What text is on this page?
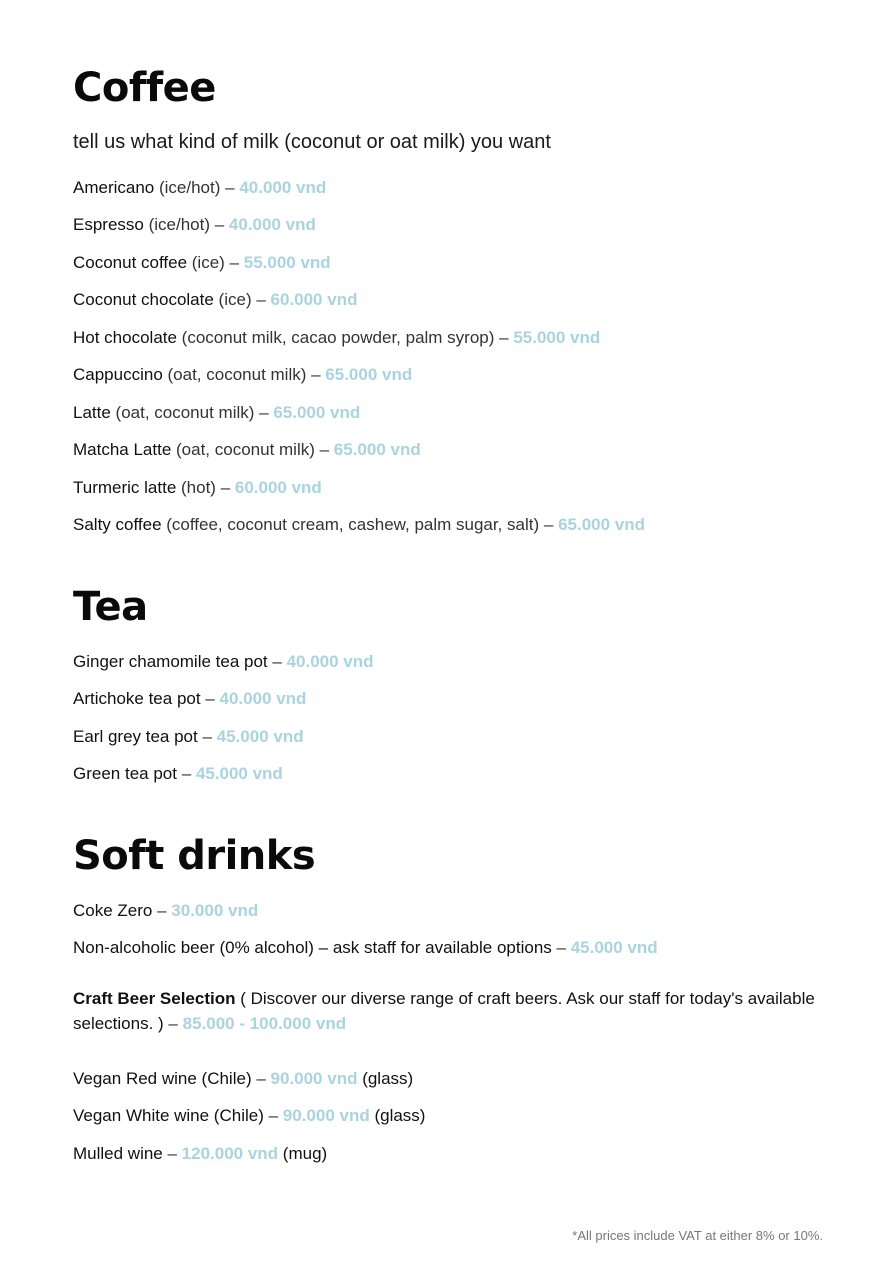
Coffee
tell us what kind of milk (coconut or oat milk) you want
Americano (ice/hot) – 40.000 vnd
Espresso (ice/hot) – 40.000 vnd
Coconut coffee (ice) – 55.000 vnd
Coconut chocolate (ice) – 60.000 vnd
Hot chocolate (coconut milk, cacao powder, palm syrop) – 55.000 vnd
Cappuccino (oat, coconut milk) – 65.000 vnd
Latte (oat, coconut milk) – 65.000 vnd
Matcha Latte (oat, coconut milk) – 65.000 vnd
Turmeric latte (hot) – 60.000 vnd
Salty coffee (coffee, coconut cream, cashew, palm sugar, salt) – 65.000 vnd
Tea
Ginger chamomile tea pot – 40.000 vnd
Artichoke tea pot – 40.000 vnd
Earl grey tea pot – 45.000 vnd
Green tea pot – 45.000 vnd
Soft drinks
Coke Zero – 30.000 vnd
Non-alcoholic beer (0% alcohol) – ask staff for available options – 45.000 vnd
Craft Beer Selection ( Discover our diverse range of craft beers. Ask our staff for today's available selections. ) – 85.000 - 100.000 vnd
Vegan Red wine (Chile) – 90.000 vnd (glass)
Vegan White wine (Chile) – 90.000 vnd (glass)
Mulled wine – 120.000 vnd (mug)
*All prices include VAT at either 8% or 10%.
